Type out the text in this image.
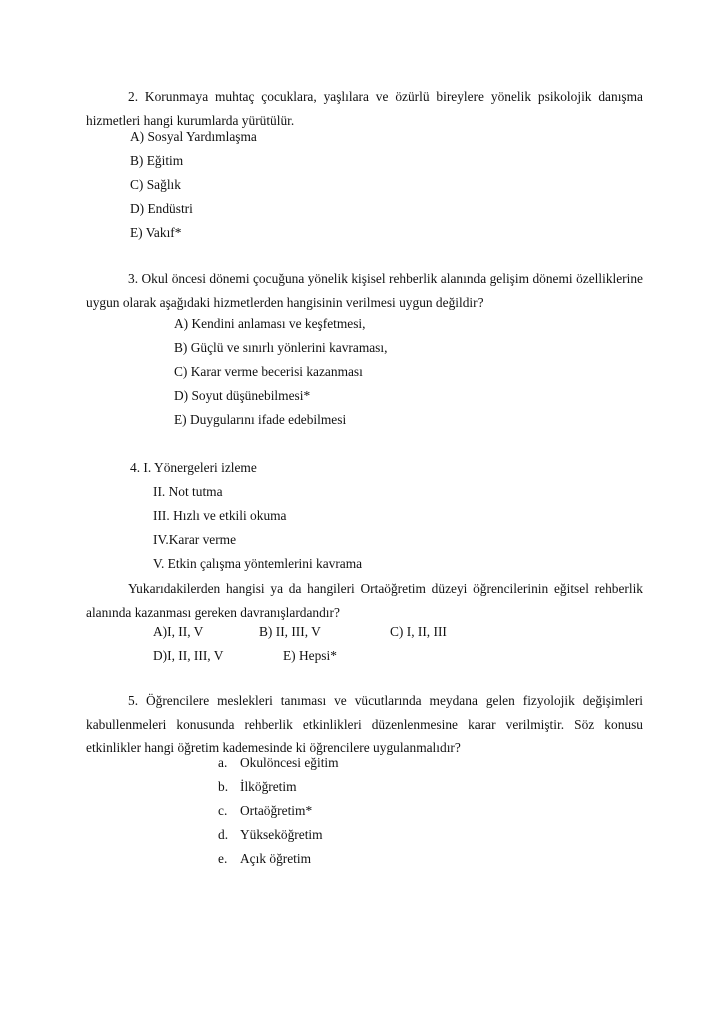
2. Korunmaya muhtaç çocuklara, yaşlılara ve özürlü bireylere yönelik psikolojik danışma hizmetleri hangi kurumlarda yürütülür.

A) Sosyal Yardımlaşma
B) Eğitim
C) Sağlık
D) Endüstri
E) Vakıf*

3. Okul öncesi dönemi çocuğuna yönelik kişisel rehberlik alanında gelişim dönemi özelliklerine uygun olarak aşağıdaki hizmetlerden hangisinin verilmesi uygun değildir?

A) Kendini anlaması ve keşfetmesi,
B) Güçlü ve sınırlı yönlerini kavraması,
C) Karar verme becerisi kazanması
D) Soyut düşünebilmesi*
E) Duygularını ifade edebilmesi
4. I. Yönergeleri izleme
II. Not tutma
III. Hızlı ve etkili okuma
IV.Karar verme
V. Etkin çalışma yöntemlerini kavrama

Yukarıdakilerden hangisi ya da hangileri Ortaöğretim düzeyi öğrencilerinin eğitsel rehberlik alanında kazanması gereken davranışlardandır?

A)I, II, V	B) II, III, V	C) I, II, III
D)I, II, III, V	E) Hepsi*

5. Öğrencilere meslekleri tanıması ve vücutlarında meydana gelen fizyolojik değişimleri kabullenmeleri konusunda rehberlik etkinlikleri düzenlenmesine karar verilmiştir. Söz konusu etkinlikler hangi öğretim kademesinde ki öğrencilere uygulanmalıdır?

a. Okulöncesi eğitim
b. İlköğretim
c. Ortaöğretim*
d. Yükseköğretim
e. Açık öğretim
